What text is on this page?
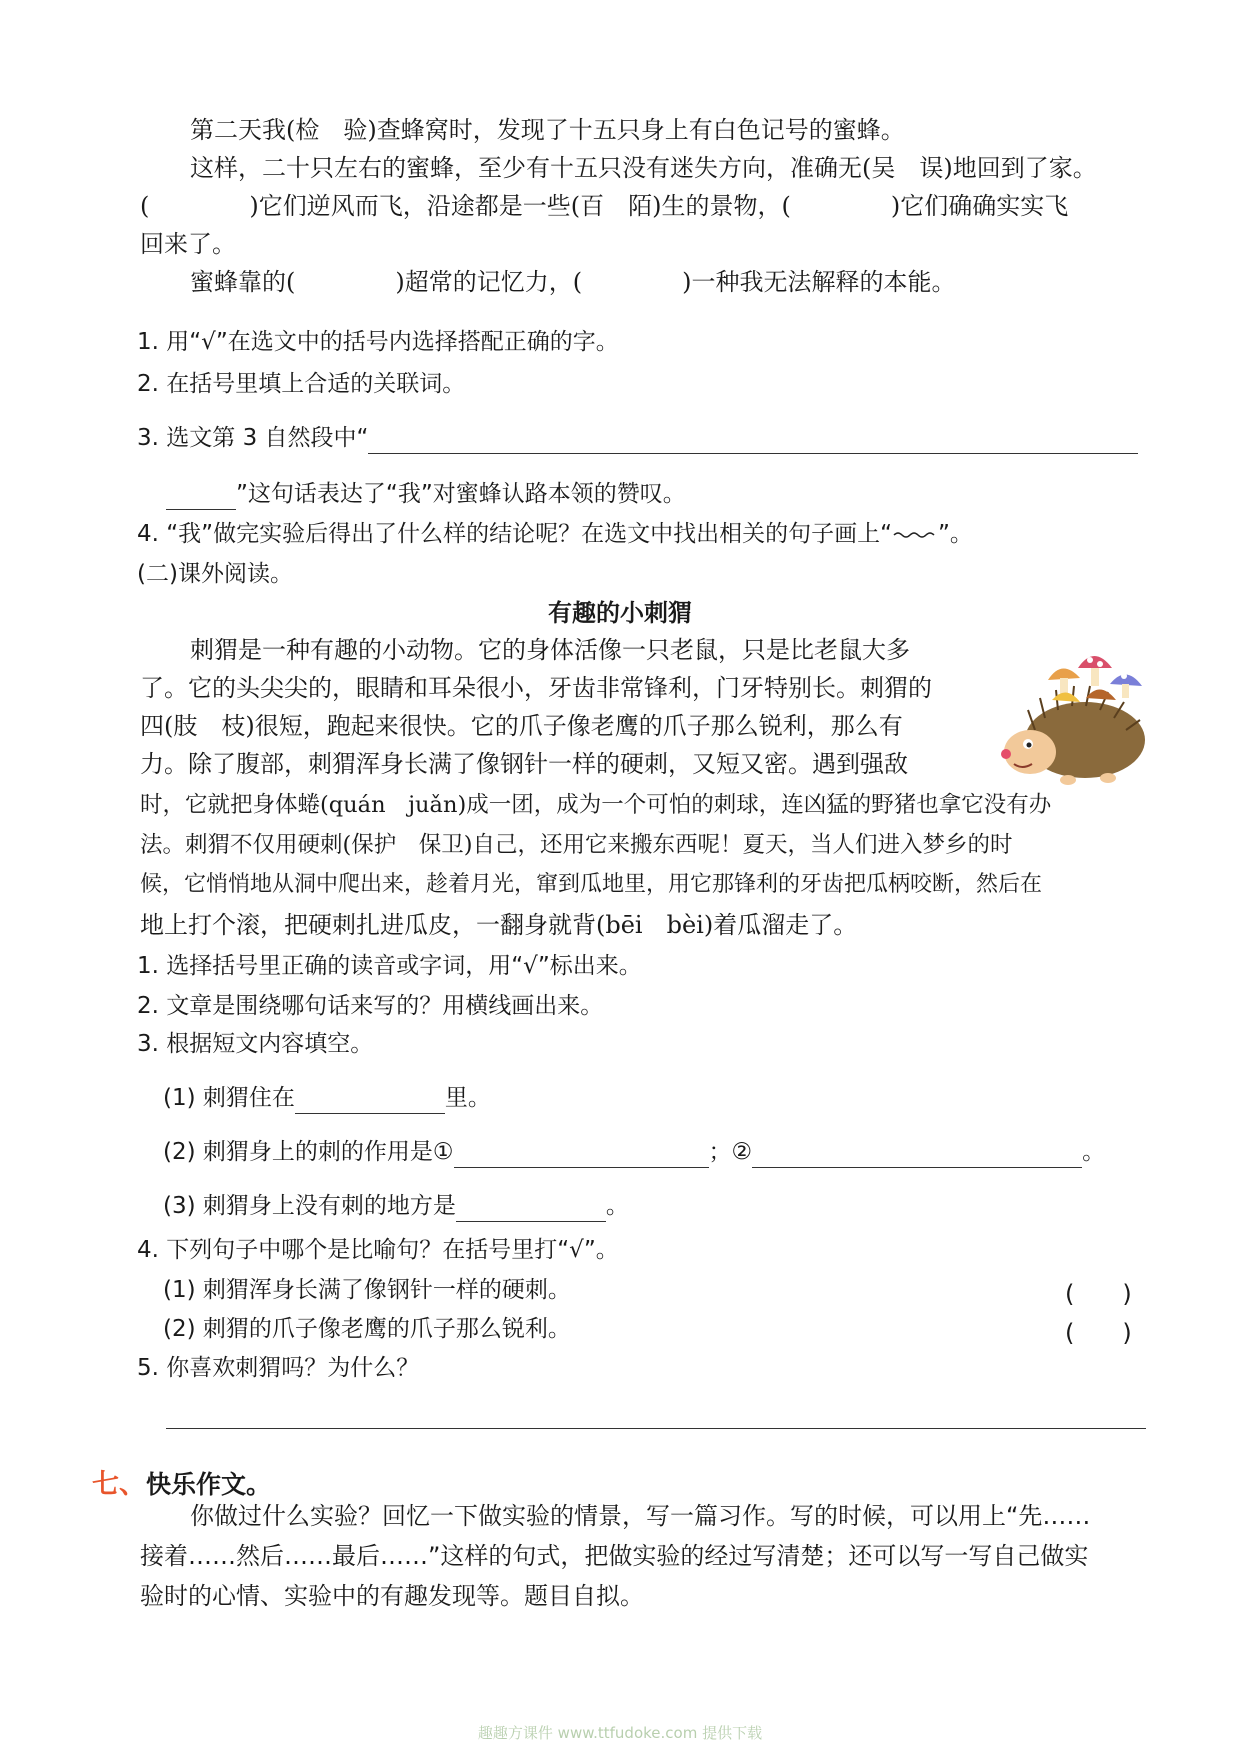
第二天我(检　验)查蜂窝时，发现了十五只身上有白色记号的蜜蜂。
这样，二十只左右的蜜蜂，至少有十五只没有迷失方向，准确无(吴　误)地回到了家。
(	)它们逆风而飞，沿途都是一些(百　陌)生的景物，(	)它们确确实实飞
回来了。
蜜蜂靠的(	)超常的记忆力，(	)一种我无法解释的本能。
1. 用“√”在选文中的括号内选择搭配正确的字。
2. 在括号里填上合适的关联词。
3. 选文第 3 自然段中“
”这句话表达了“我”对蜜蜂认路本领的赞叹。
4. “我”做完实验后得出了什么样的结论呢？在选文中找出相关的句子画上“ ”。
(二)课外阅读。
有趣的小刺猬
刺猬是一种有趣的小动物。它的身体活像一只老鼠，只是比老鼠大多
了。它的头尖尖的，眼睛和耳朵很小，牙齿非常锋利，门牙特别长。刺猬的
四(肢　枝)很短，跑起来很快。它的爪子像老鹰的爪子那么锐利，那么有
力。除了腹部，刺猬浑身长满了像钢针一样的硬刺，又短又密。遇到强敌
时，它就把身体蜷(quán　juǎn)成一团，成为一个可怕的刺球，连凶猛的野猪也拿它没有办
法。刺猬不仅用硬刺(保护　保卫)自己，还用它来搬东西呢！夏天，当人们进入梦乡的时
候，它悄悄地从洞中爬出来，趁着月光，窜到瓜地里，用它那锋利的牙齿把瓜柄咬断，然后在
地上打个滚，把硬刺扎进瓜皮，一翻身就背(bēi　bèi)着瓜溜走了。
1. 选择括号里正确的读音或字词，用“√”标出来。
2. 文章是围绕哪句话来写的？用横线画出来。
3. 根据短文内容填空。
(1) 刺猬住在	里。
(2) 刺猬身上的刺的作用是①	；②	。
(3) 刺猬身上没有刺的地方是	。
4. 下列句子中哪个是比喻句？在括号里打“√”。
(1) 刺猬浑身长满了像钢针一样的硬刺。	(　　)
(2) 刺猬的爪子像老鹰的爪子那么锐利。	(　　)
5. 你喜欢刺猬吗？为什么？
七、快乐作文。
你做过什么实验？回忆一下做实验的情景，写一篇习作。写的时候，可以用上“先……
接着……然后……最后……”这样的句式，把做实验的经过写清楚；还可以写一写自己做实
验时的心情、实验中的有趣发现等。题目自拟。
趣趣方课件 www.ttfudoke.com 提供下载
